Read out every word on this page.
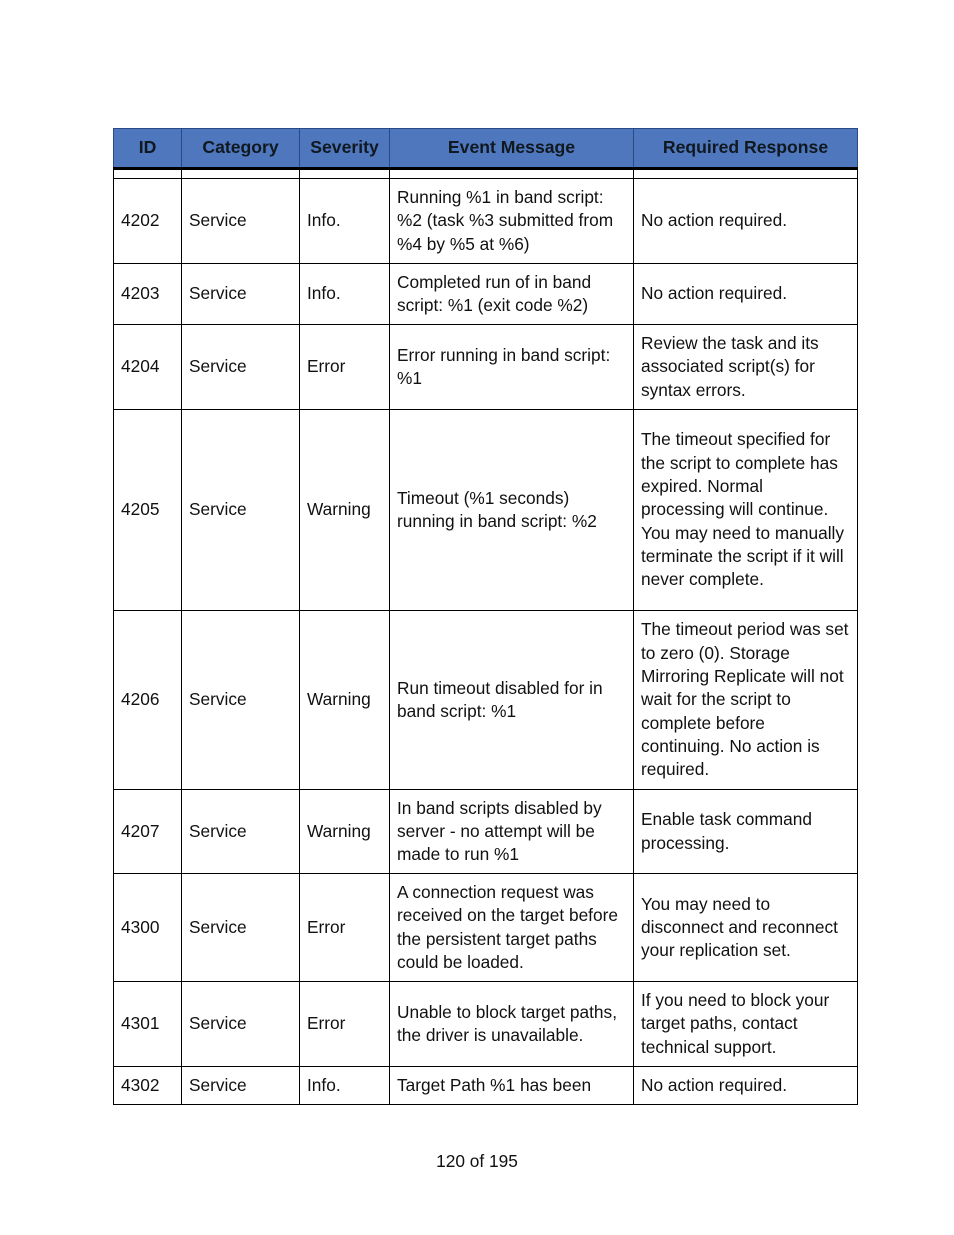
ID	Category	Severity	Event Message	Required Response

4202	Service	Info.	Running %1 in band script: %2 (task %3 submitted from %4 by %5 at %6)	No action required.
4203	Service	Info.	Completed run of in band script: %1 (exit code %2)	No action required.
4204	Service	Error	Error running in band script: %1	Review the task and its associated script(s) for syntax errors.
4205	Service	Warning	Timeout (%1 seconds) running in band script: %2	The timeout specified for the script to complete has expired. Normal processing will continue. You may need to manually terminate the script if it will never complete.
4206	Service	Warning	Run timeout disabled for in band script: %1	The timeout period was set to zero (0). Storage Mirroring Replicate will not wait for the script to complete before continuing. No action is required.
4207	Service	Warning	In band scripts disabled by server - no attempt will be made to run %1	Enable task command processing.
4300	Service	Error	A connection request was received on the target before the persistent target paths could be loaded.	You may need to disconnect and reconnect your replication set.
4301	Service	Error	Unable to block target paths, the driver is unavailable.	If you need to block your target paths, contact technical support.
4302	Service	Info.	Target Path %1 has been	No action required.
120 of 195
